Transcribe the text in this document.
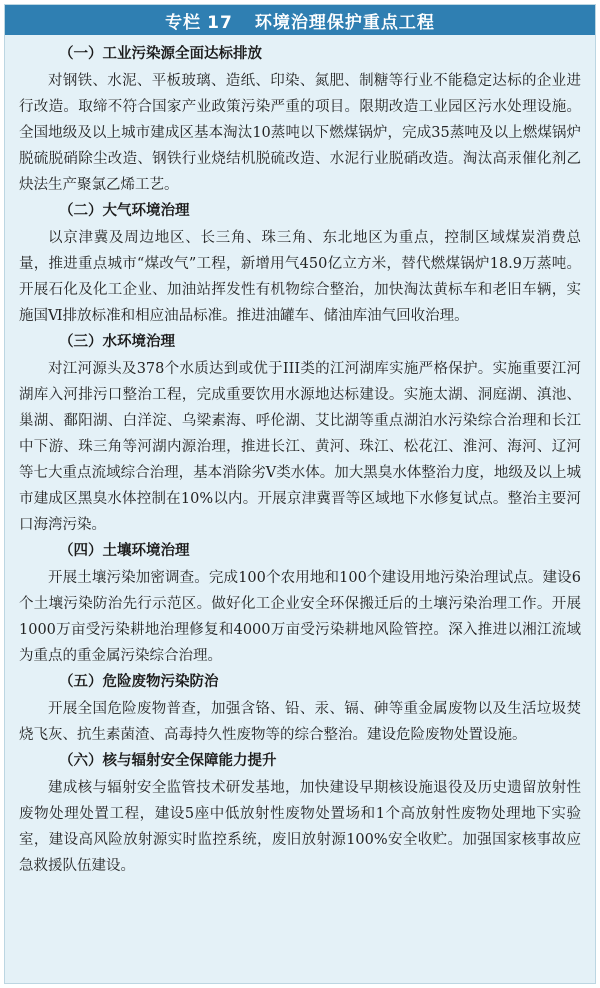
专栏 17 环境治理保护重点工程
（一）工业污染源全面达标排放

对钢铁、水泥、平板玻璃、造纸、印染、氮肥、制糖等行业不能稳定达标的企业进行改造。取缔不符合国家产业政策污染严重的项目。限期改造工业园区污水处理设施。全国地级及以上城市建成区基本淘汰10蒸吨以下燃煤锅炉，完成35蒸吨及以上燃煤锅炉脱硫脱硝除尘改造、钢铁行业烧结机脱硫改造、水泥行业脱硝改造。淘汰高汞催化剂乙炔法生产聚氯乙烯工艺。

（二）大气环境治理

以京津冀及周边地区、长三角、珠三角、东北地区为重点，控制区域煤炭消费总量，推进重点城市“煤改气”工程，新增用气450亿立方米，替代燃煤锅炉18.9万蒸吨。开展石化及化工企业、加油站挥发性有机物综合整治，加快淘汰黄标车和老旧车辆，实施国Ⅵ排放标准和相应油品标准。推进油罐车、储油库油气回收治理。

（三）水环境治理

对江河源头及378个水质达到或优于III类的江河湖库实施严格保护。实施重要江河湖库入河排污口整治工程，完成重要饮用水源地达标建设。实施太湖、洞庭湖、滇池、巢湖、鄱阳湖、白洋淀、乌梁素海、呼伦湖、艾比湖等重点湖泊水污染综合治理和长江中下游、珠三角等河湖内源治理，推进长江、黄河、珠江、松花江、淮河、海河、辽河等七大重点流域综合治理，基本消除劣Ⅴ类水体。加大黑臭水体整治力度，地级及以上城市建成区黑臭水体控制在10%以内。开展京津冀晋等区域地下水修复试点。整治主要河口海湾污染。

（四）土壤环境治理

开展土壤污染加密调查。完成100个农用地和100个建设用地污染治理试点。建设6个土壤污染防治先行示范区。做好化工企业安全环保搬迁后的土壤污染治理工作。开展1000万亩受污染耕地治理修复和4000万亩受污染耕地风险管控。深入推进以湘江流域为重点的重金属污染综合治理。

（五）危险废物污染防治

开展全国危险废物普查，加强含铬、铅、汞、镉、砷等重金属废物以及生活垃圾焚烧飞灰、抗生素菌渣、高毒持久性废物等的综合整治。建设危险废物处置设施。

（六）核与辐射安全保障能力提升

建成核与辐射安全监管技术研发基地，加快建设早期核设施退役及历史遗留放射性废物处理处置工程，建设5座中低放射性废物处置场和1个高放射性废物处理地下实验室，建设高风险放射源实时监控系统，废旧放射源100%安全收贮。加强国家核事故应急救援队伍建设。
